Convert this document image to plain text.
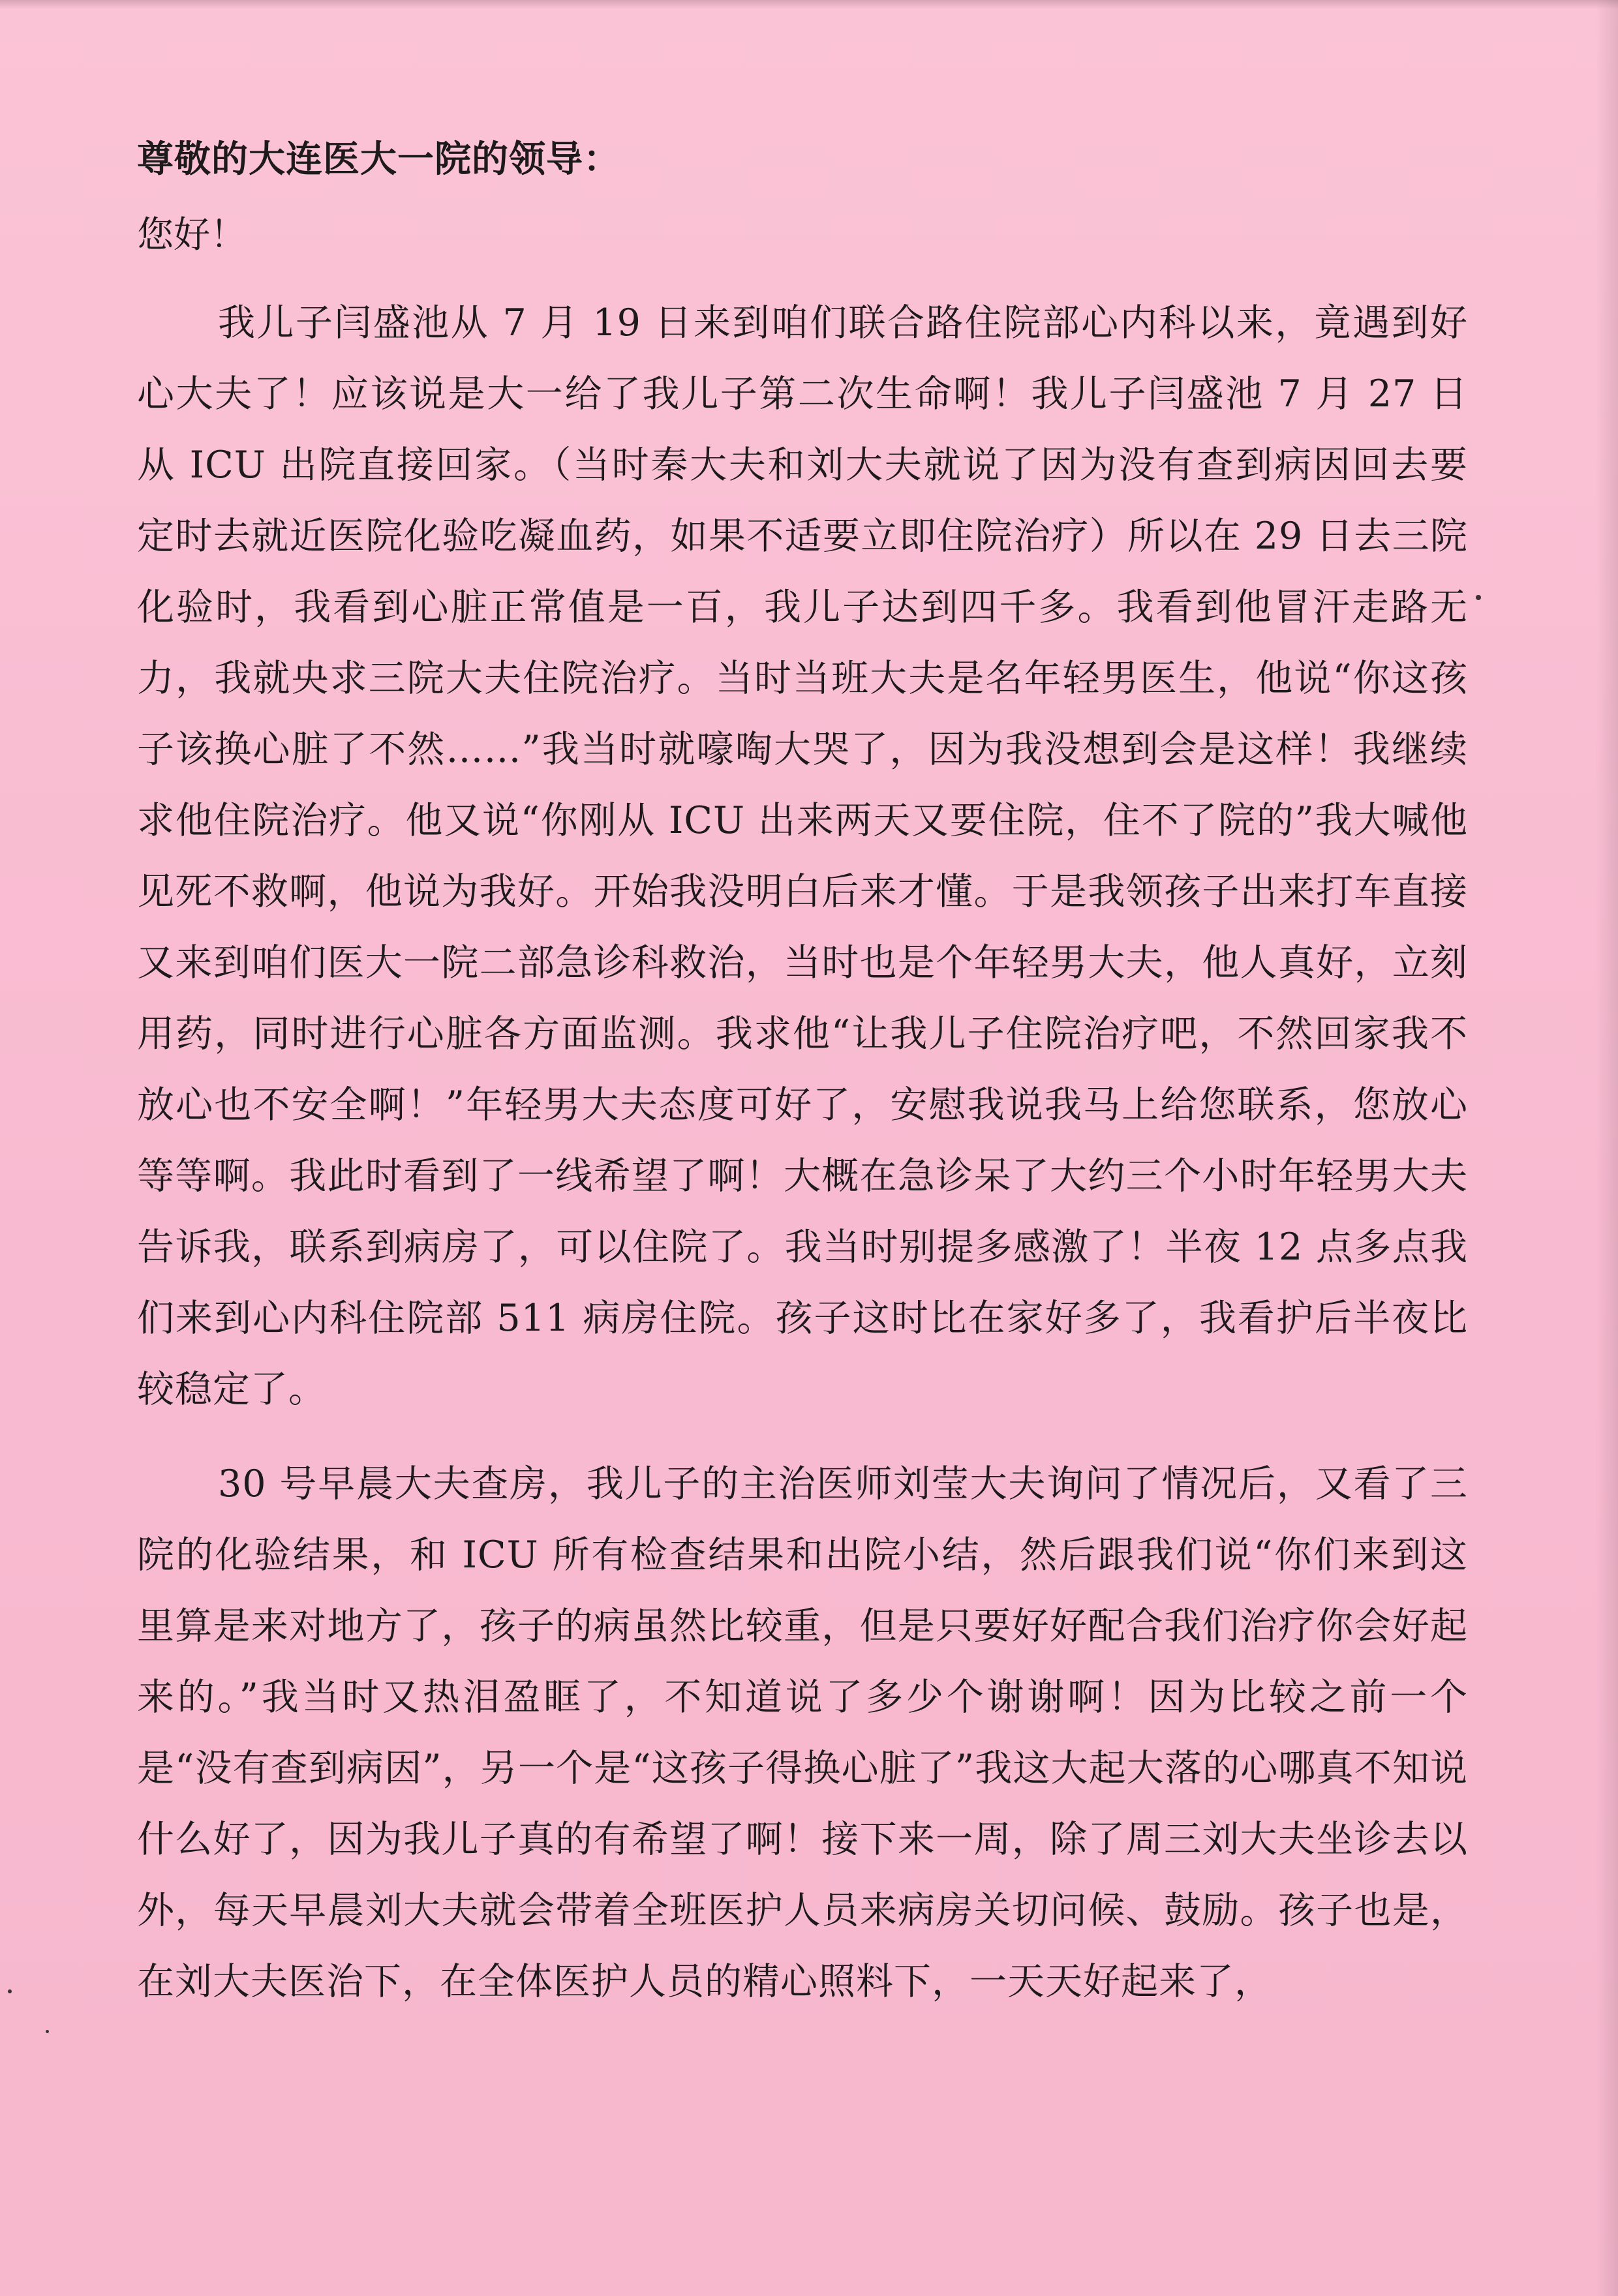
尊敬的大连医大一院的领导：
您好！

我儿子闫盛池从 7 月 19 日来到咱们联合路住院部心内科以来，竟遇到好心大夫了！应该说是大一给了我儿子第二次生命啊！我儿子闫盛池 7 月 27 日从 ICU 出院直接回家。（当时秦大夫和刘大夫就说了因为没有查到病因回去要定时去就近医院化验吃凝血药，如果不适要立即住院治疗）所以在 29 日去三院化验时，我看到心脏正常值是一百，我儿子达到四千多。我看到他冒汗走路无力，我就央求三院大夫住院治疗。当时当班大夫是名年轻男医生，他说“你这孩子该换心脏了不然……”我当时就嚎啕大哭了，因为我没想到会是这样！我继续求他住院治疗。他又说“你刚从 ICU 出来两天又要住院，住不了院的”我大喊他见死不救啊，他说为我好。开始我没明白后来才懂。于是我领孩子出来打车直接又来到咱们医大一院二部急诊科救治，当时也是个年轻男大夫，他人真好，立刻用药，同时进行心脏各方面监测。我求他“让我儿子住院治疗吧，不然回家我不放心也不安全啊！”年轻男大夫态度可好了，安慰我说我马上给您联系，您放心等等啊。我此时看到了一线希望了啊！大概在急诊呆了大约三个小时年轻男大夫告诉我，联系到病房了，可以住院了。我当时别提多感激了！半夜 12 点多点我们来到心内科住院部 511 病房住院。孩子这时比在家好多了，我看护后半夜比较稳定了。

30 号早晨大夫查房，我儿子的主治医师刘莹大夫询问了情况后，又看了三院的化验结果，和 ICU 所有检查结果和出院小结，然后跟我们说“你们来到这里算是来对地方了，孩子的病虽然比较重，但是只要好好配合我们治疗你会好起来的。”我当时又热泪盈眶了，不知道说了多少个谢谢啊！因为比较之前一个是“没有查到病因”，另一个是“这孩子得换心脏了”我这大起大落的心哪真不知说什么好了，因为我儿子真的有希望了啊！接下来一周，除了周三刘大夫坐诊去以外，每天早晨刘大夫就会带着全班医护人员来病房关切问候、鼓励。孩子也是，在刘大夫医治下，在全体医护人员的精心照料下，一天天好起来了，
